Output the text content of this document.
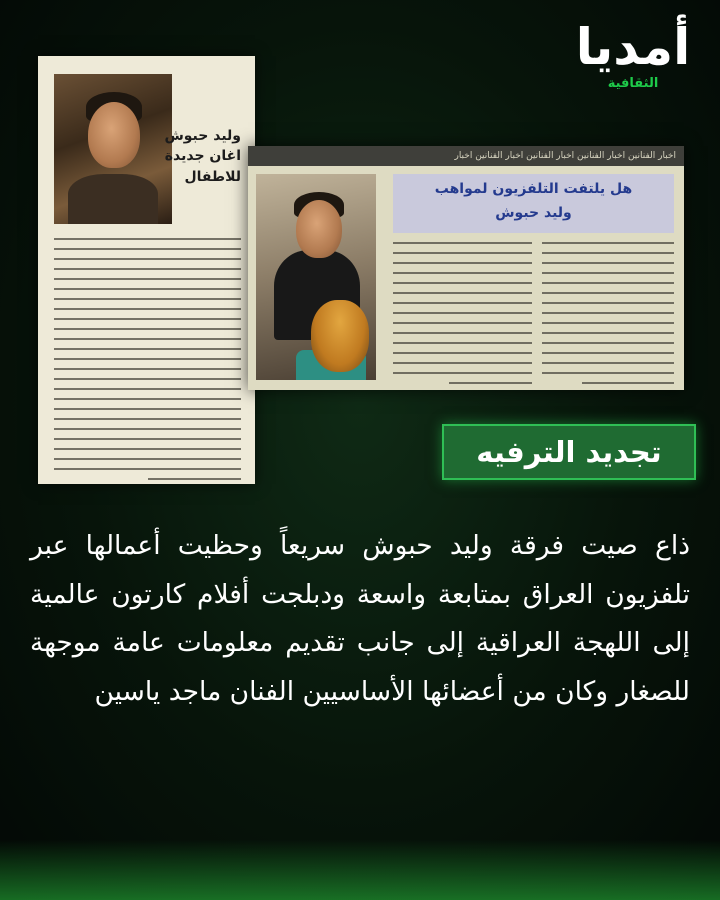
أمديا
الثقافية
وليد حبوش
اغان جديدة
للاطفال
اخبار الفنانين اخبار الفنانين اخبار الفنانين اخبار الفنانين اخبار
هل يلتفت التلفزيون لمواهب
وليد حبوش
تجديد الترفيه
ذاع صيت فرقة وليد حبوش سريعاً وحظيت أعمالها عبر تلفزيون العراق بمتابعة واسعة ودبلجت أفلام كارتون عالمية إلى اللهجة العراقية إلى جانب تقديم معلومات عامة موجهة للصغار وكان من أعضائها الأساسيين الفنان ماجد ياسين
